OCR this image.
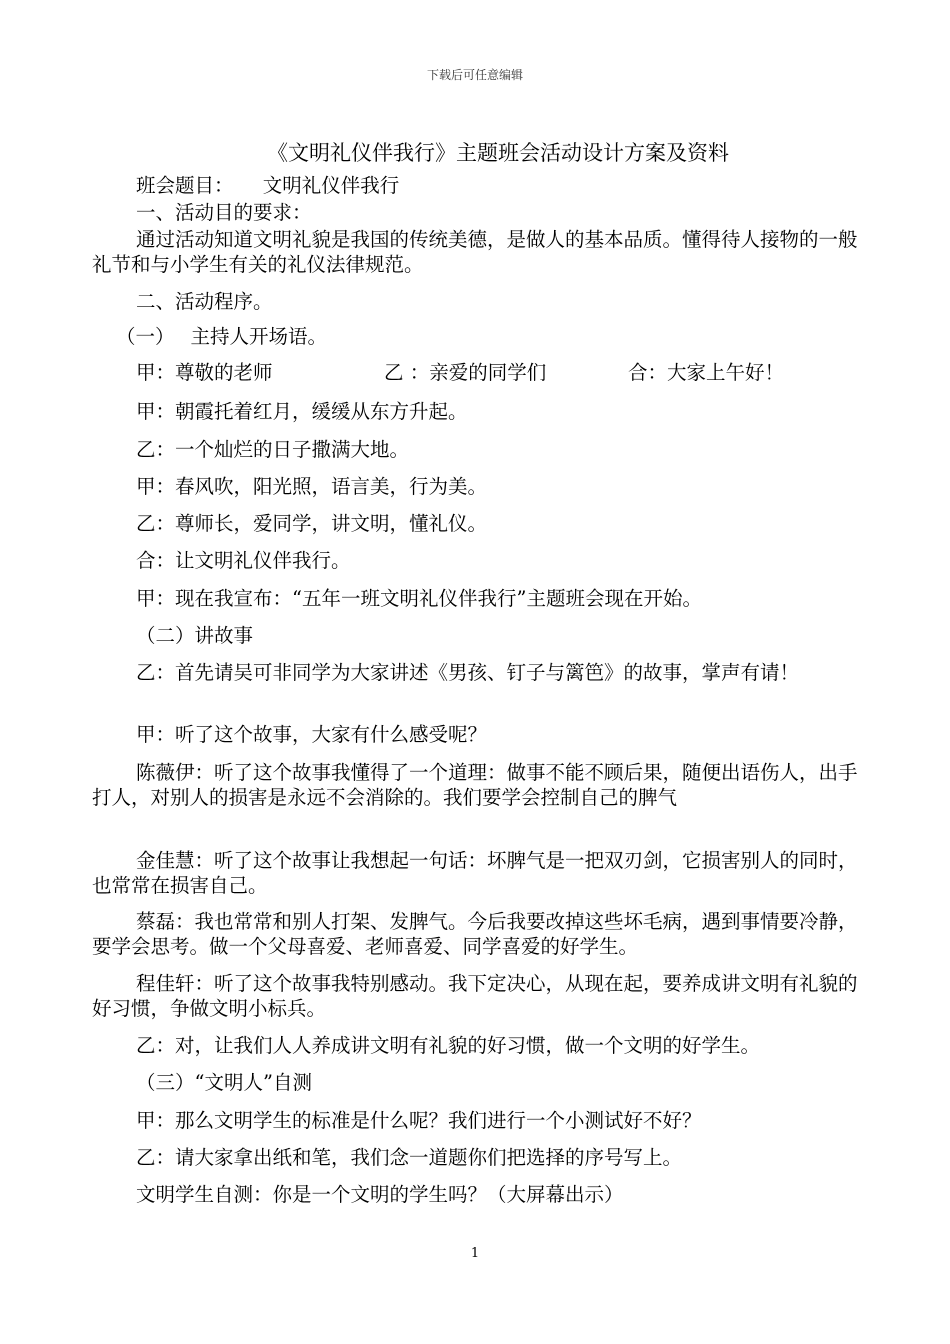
下载后可任意编辑
《文明礼仪伴我行》主题班会活动设计方案及资料

班会题目：　　文明礼仪伴我行

一、活动目的要求：

通过活动知道文明礼貌是我国的传统美德，是做人的基本品质。懂得待人接物的一般礼节和与小学生有关的礼仪法律规范。

二、活动程序。

（一）　 主持人开场语。

甲：尊敬的老师	乙 ：亲爱的同学们	合：大家上午好！

甲：朝霞托着红月，缓缓从东方升起。

乙：一个灿烂的日子撒满大地。

甲：春风吹，阳光照，语言美，行为美。

乙：尊师长，爱同学，讲文明，懂礼仪。

合：让文明礼仪伴我行。

甲：现在我宣布：“五年一班文明礼仪伴我行”主题班会现在开始。

（二）讲故事

乙：首先请吴可非同学为大家讲述《男孩、钉子与篱笆》的故事，掌声有请！

甲：听了这个故事，大家有什么感受呢？

陈薇伊：听了这个故事我懂得了一个道理：做事不能不顾后果，随便出语伤人，出手打人，对别人的损害是永远不会消除的。我们要学会控制自己的脾气

金佳慧：听了这个故事让我想起一句话：坏脾气是一把双刃剑，它损害别人的同时，也常常在损害自己。

蔡磊：我也常常和别人打架、发脾气。今后我要改掉这些坏毛病，遇到事情要冷静，要学会思考。做一个父母喜爱、老师喜爱、同学喜爱的好学生。

程佳轩：听了这个故事我特别感动。我下定决心，从现在起，要养成讲文明有礼貌的好习惯，争做文明小标兵。

乙：对，让我们人人养成讲文明有礼貌的好习惯，做一个文明的好学生。

（三）“文明人”自测

甲：那么文明学生的标准是什么呢？我们进行一个小测试好不好？

乙：请大家拿出纸和笔，我们念一道题你们把选择的序号写上。

文明学生自测：你是一个文明的学生吗？（大屏幕出示）

1
